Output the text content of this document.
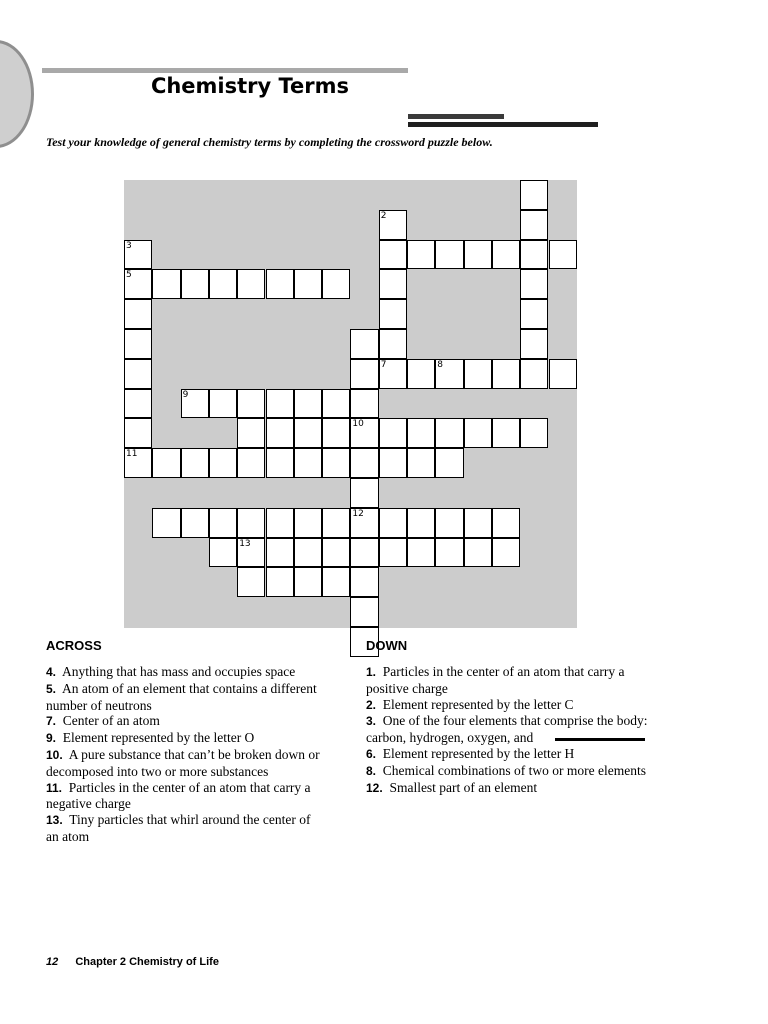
Chemistry Terms
Test your knowledge of general chemistry terms by completing the crossword puzzle below.
2
7
3
5
11
8
9
10
12
13
ACROSS

4. Anything that has mass and occupies space

5. An atom of an element that contains a different number of neutrons

7. Center of an atom

9. Element represented by the letter O

10. A pure substance that can’t be broken down or decomposed into two or more substances

11. Particles in the center of an atom that carry a negative charge

13. Tiny particles that whirl around the center of an atom

DOWN

1. Particles in the center of an atom that carry a positive charge

2. Element represented by the letter C

3. One of the four elements that comprise the body: carbon, hydrogen, oxygen, and

6. Element represented by the letter H

8. Chemical combinations of two or more elements

12. Smallest part of an element

12 Chapter 2 Chemistry of Life
